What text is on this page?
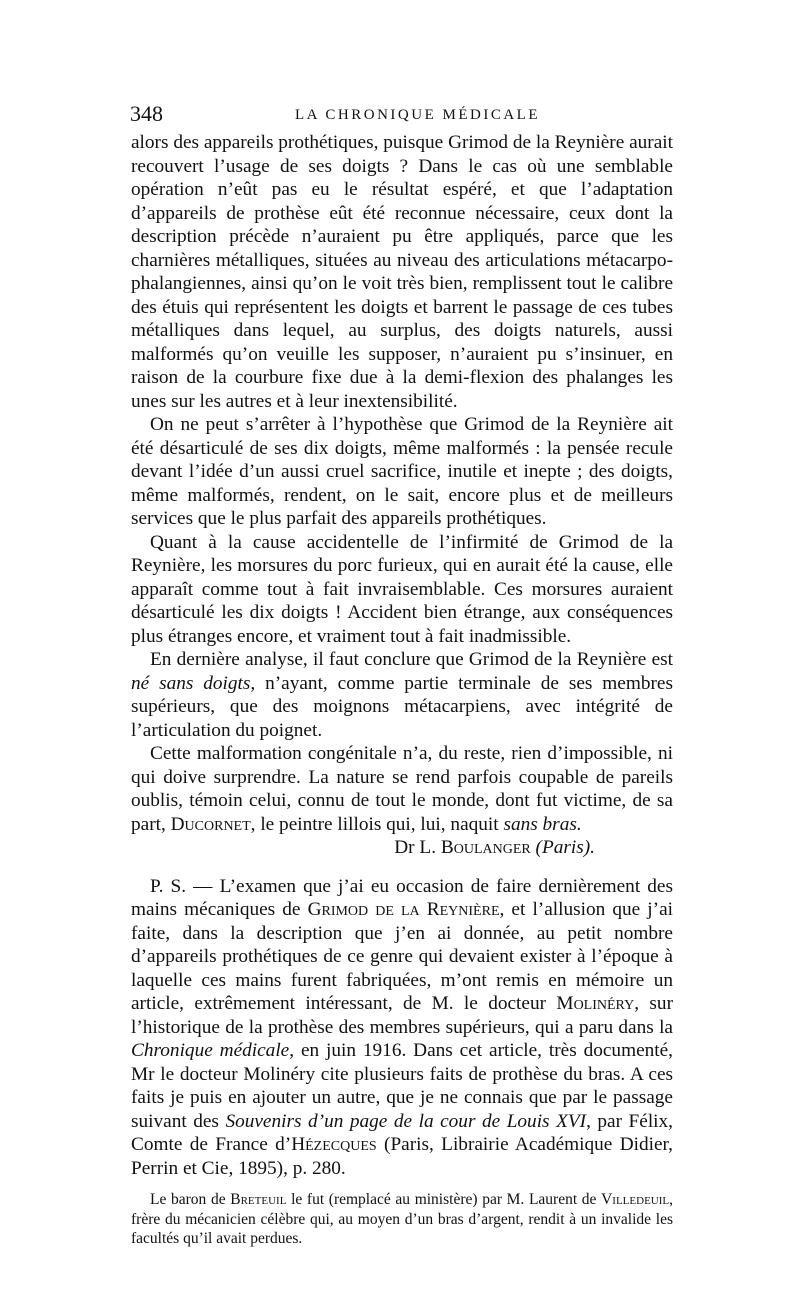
348	LA CHRONIQUE MÉDICALE

alors des appareils prothétiques, puisque Grimod de la Reynière aurait recouvert l’usage de ses doigts ? Dans le cas où une semblable opération n’eût pas eu le résultat espéré, et que l’adaptation d’appareils de prothèse eût été reconnue nécessaire, ceux dont la description précède n’auraient pu être appliqués, parce que les charnières métalliques, situées au niveau des articulations métacarpo-phalangiennes, ainsi qu’on le voit très bien, remplissent tout le calibre des étuis qui représentent les doigts et barrent le passage de ces tubes métalliques dans lequel, au surplus, des doigts naturels, aussi malformés qu’on veuille les supposer, n’auraient pu s’insinuer, en raison de la courbure fixe due à la demi-flexion des phalanges les unes sur les autres et à leur inextensibilité.

On ne peut s’arrêter à l’hypothèse que Grimod de la Reynière ait été désarticulé de ses dix doigts, même malformés : la pensée recule devant l’idée d’un aussi cruel sacrifice, inutile et inepte ; des doigts, même malformés, rendent, on le sait, encore plus et de meilleurs services que le plus parfait des appareils prothétiques.

Quant à la cause accidentelle de l’infirmité de Grimod de la Reynière, les morsures du porc furieux, qui en aurait été la cause, elle apparaît comme tout à fait invraisemblable. Ces morsures auraient désarticulé les dix doigts ! Accident bien étrange, aux conséquences plus étranges encore, et vraiment tout à fait inadmissible.

En dernière analyse, il faut conclure que Grimod de la Reynière est né sans doigts, n’ayant, comme partie terminale de ses membres supérieurs, que des moignons métacarpiens, avec intégrité de l’articulation du poignet.

Cette malformation congénitale n’a, du reste, rien d’impossible, ni qui doive surprendre. La nature se rend parfois coupable de pareils oublis, témoin celui, connu de tout le monde, dont fut victime, de sa part, Ducornet, le peintre lillois qui, lui, naquit sans bras.

Dr L. Boulanger (Paris).

P. S. — L’examen que j’ai eu occasion de faire dernièrement des mains mécaniques de Grimod de la Reynière, et l’allusion que j’ai faite, dans la description que j’en ai donnée, au petit nombre d’appareils prothétiques de ce genre qui devaient exister à l’époque à laquelle ces mains furent fabriquées, m’ont remis en mémoire un article, extrêmement intéressant, de M. le docteur Molinéry, sur l’historique de la prothèse des membres supérieurs, qui a paru dans la Chronique médicale, en juin 1916. Dans cet article, très documenté, Mr le docteur Molinéry cite plusieurs faits de prothèse du bras. A ces faits je puis en ajouter un autre, que je ne connais que par le passage suivant des Souvenirs d’un page de la cour de Louis XVI, par Félix, Comte de France d’Hézecques (Paris, Librairie Académique Didier, Perrin et Cie, 1895), p. 280.

Le baron de Breteuil le fut (remplacé au ministère) par M. Laurent de Villedeuil, frère du mécanicien célèbre qui, au moyen d’un bras d’argent, rendit à un invalide les facultés qu’il avait perdues.
